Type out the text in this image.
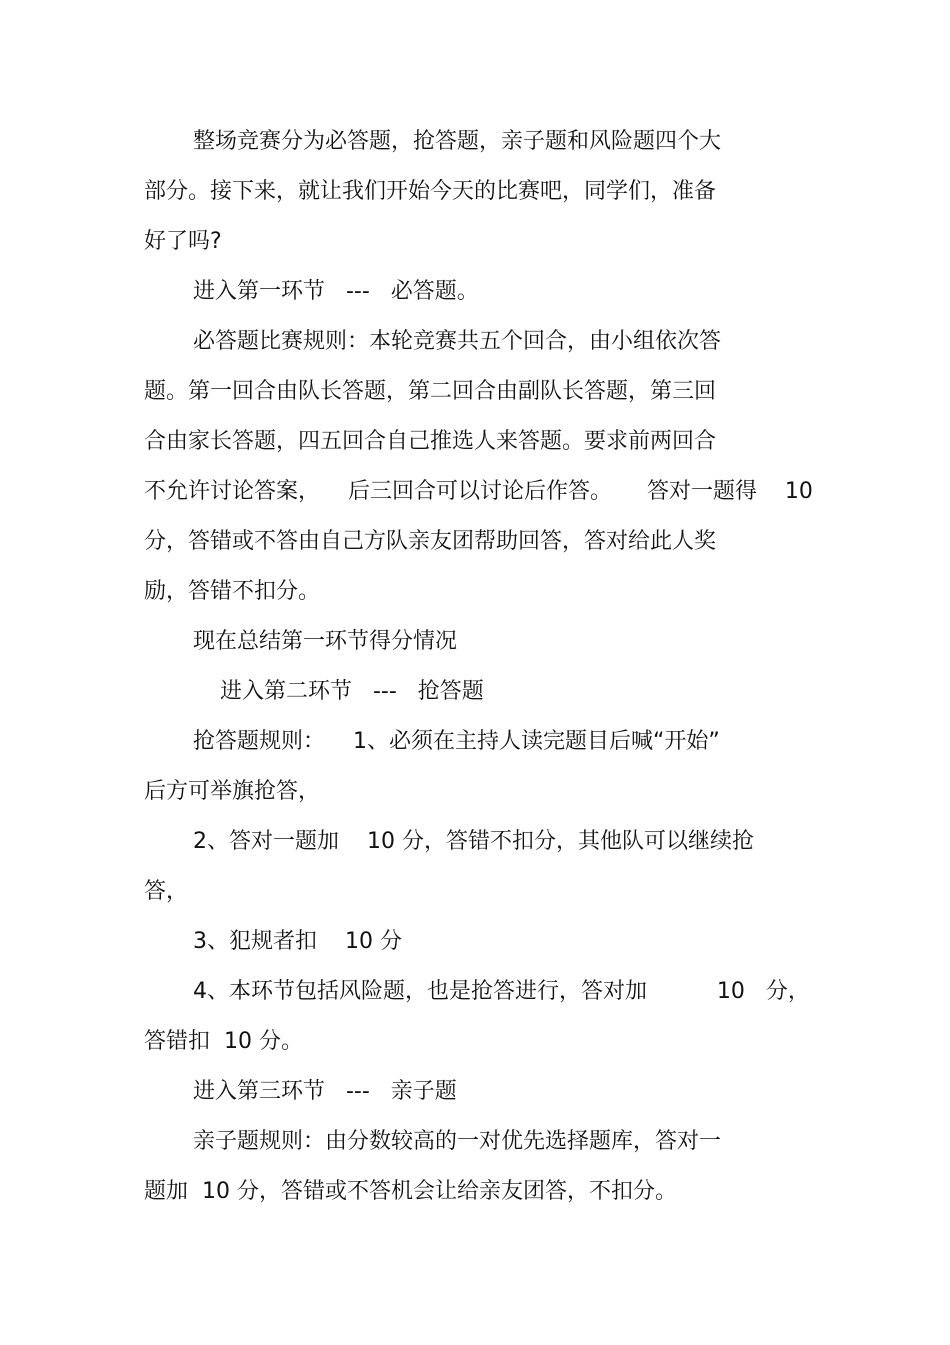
整场竞赛分为必答题，抢答题，亲子题和风险题四个大

部分。接下来，就让我们开始今天的比赛吧，同学们，准备

好了吗?

进入第一环节   ---   必答题。

必答题比赛规则：本轮竞赛共五个回合，由小组依次答

题。第一回合由队长答题，第二回合由副队长答题，第三回

合由家长答题，四五回合自己推选人来答题。要求前两回合

不允许讨论答案，    后三回合可以讨论后作答。     答对一题得    10

分，答错或不答由自己方队亲友团帮助回答，答对给此人奖

励，答错不扣分。

现在总结第一环节得分情况

进入第二环节   ---   抢答题

抢答题规则：    1、必须在主持人读完题目后喊“开始”

后方可举旗抢答，

2、答对一题加    10 分，答错不扣分，其他队可以继续抢

答，

3、犯规者扣    10 分

4、本环节包括风险题，也是抢答进行，答对加          10   分，

答错扣  10 分。

进入第三环节   ---   亲子题

亲子题规则：由分数较高的一对优先选择题库，答对一

题加  10 分，答错或不答机会让给亲友团答，不扣分。
